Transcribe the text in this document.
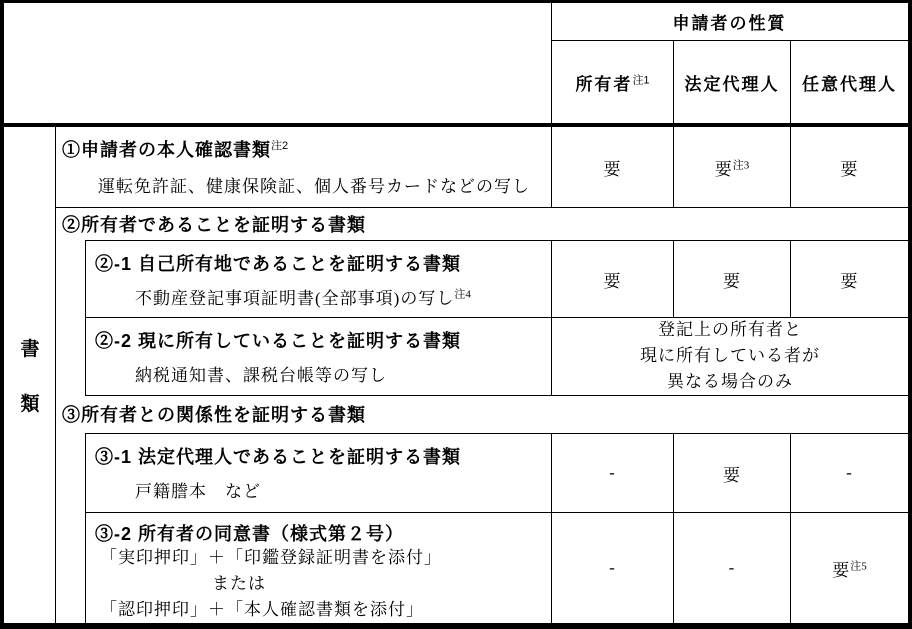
申請者の性質
所有者$^{注1}$ 法定代理人 任意代理人
書
類
①申請者の本人確認書類$^{注2}$
運転免許証、健康保険証、個人番号カードなどの写し
要	要$^{注3}$	要
②所有者であることを証明する書類
②-1 自己所有地であることを証明する書類
不動産登記事項証明書(全部事項)の写し$^{注4}$
要	要	要
②-2 現に所有していることを証明する書類
納税通知書、課税台帳等の写し
登記上の所有者と
現に所有している者が
異なる場合のみ
③所有者との関係性を証明する書類
③-1 法定代理人であることを証明する書類
戸籍謄本　など
-	要	-
③-2 所有者の同意書（様式第２号）
「実印押印」＋「印鑑登録証明書を添付」
または
「認印押印」＋「本人確認書類を添付」
-	-	要$^{注5}$
